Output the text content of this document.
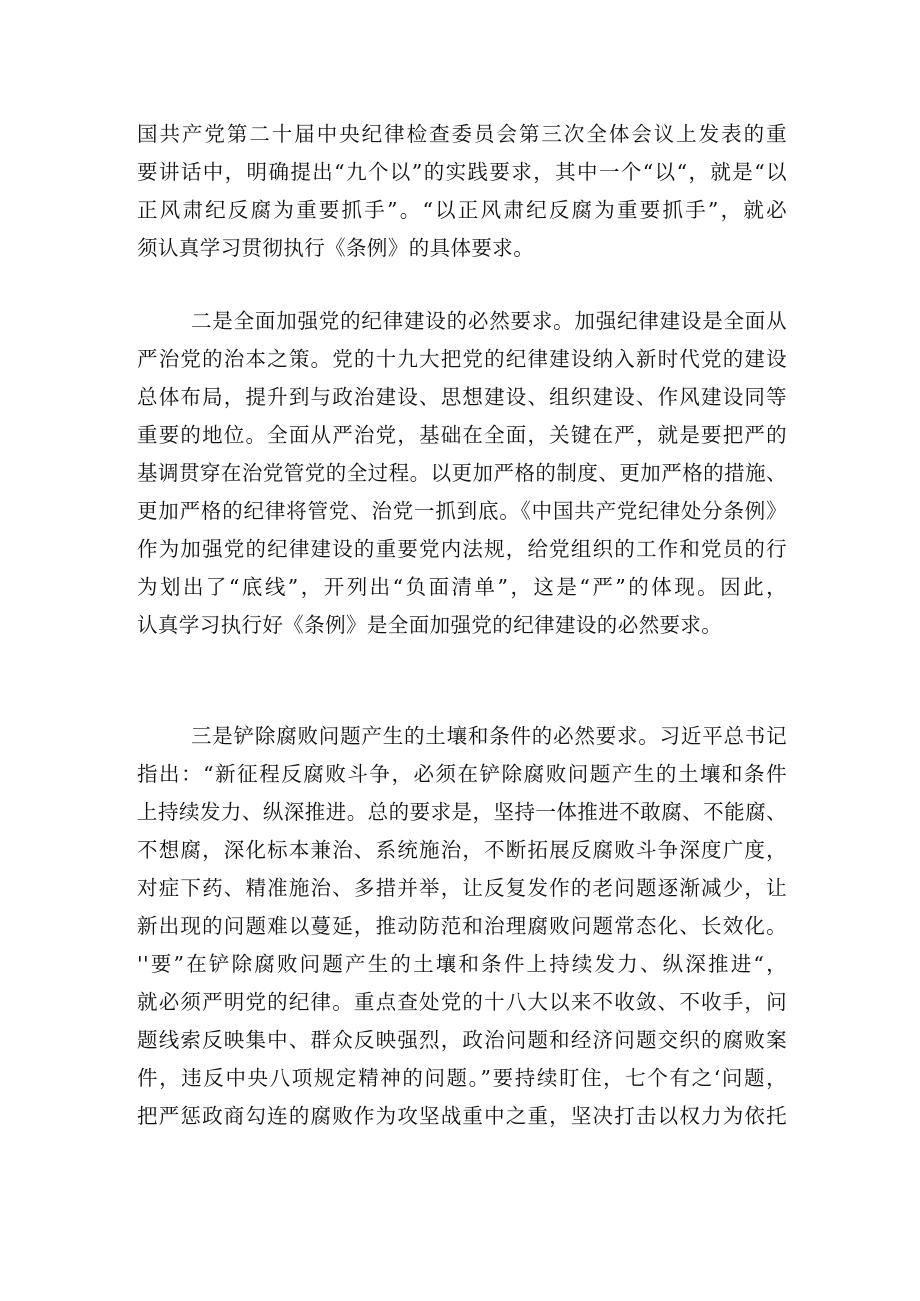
国共产党第二十届中央纪律检查委员会第三次全体会议上发表的重
要讲话中，明确提出“九个以”的实践要求，其中一个“以“，就是“以
正风肃纪反腐为重要抓手”。“以正风肃纪反腐为重要抓手”，就必
须认真学习贯彻执行《条例》的具体要求。
二是全面加强党的纪律建设的必然要求。加强纪律建设是全面从
严治党的治本之策。党的十九大把党的纪律建设纳入新时代党的建设
总体布局，提升到与政治建设、思想建设、组织建设、作风建设同等
重要的地位。全面从严治党，基础在全面，关键在严，就是要把严的
基调贯穿在治党管党的全过程。以更加严格的制度、更加严格的措施、
更加严格的纪律将管党、治党一抓到底。《中国共产党纪律处分条例》
作为加强党的纪律建设的重要党内法规，给党组织的工作和党员的行
为划出了“底线”，开列出“负面清单”，这是“严”的体现。因此，
认真学习执行好《条例》是全面加强党的纪律建设的必然要求。
三是铲除腐败问题产生的土壤和条件的必然要求。习近平总书记
指出：“新征程反腐败斗争，必须在铲除腐败问题产生的土壤和条件
上持续发力、纵深推进。总的要求是，坚持一体推进不敢腐、不能腐、
不想腐，深化标本兼治、系统施治，不断拓展反腐败斗争深度广度，
对症下药、精准施治、多措并举，让反复发作的老问题逐渐减少，让
新出现的问题难以蔓延，推动防范和治理腐败问题常态化、长效化。
''要”在铲除腐败问题产生的土壤和条件上持续发力、纵深推进“，
就必须严明党的纪律。重点查处党的十八大以来不收敛、不收手，问
题线索反映集中、群众反映强烈，政治问题和经济问题交织的腐败案
件，违反中央八项规定精神的问题。”要持续盯住，七个有之‘问题，
把严惩政商勾连的腐败作为攻坚战重中之重，坚决打击以权力为依托
